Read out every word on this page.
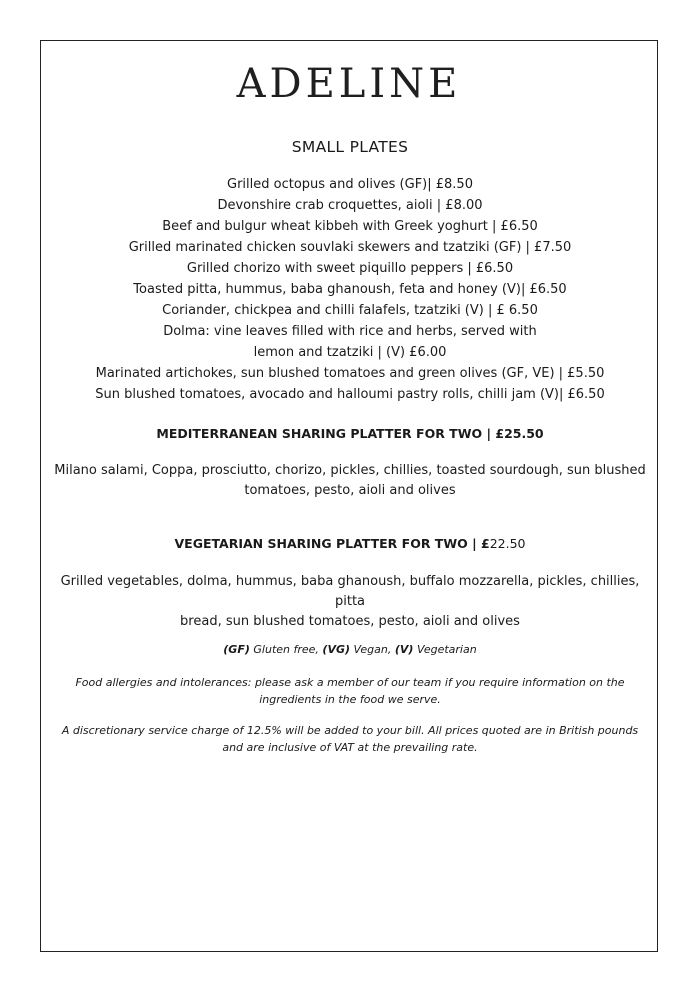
ADELINE
SMALL PLATES
Grilled octopus and olives (GF)| £8.50
Devonshire crab croquettes, aioli | £8.00
Beef and bulgur wheat kibbeh with Greek yoghurt | £6.50
Grilled marinated chicken souvlaki skewers and tzatziki (GF) | £7.50
Grilled chorizo with sweet piquillo peppers | £6.50
Toasted pitta, hummus, baba ghanoush, feta and honey (V)| £6.50
Coriander, chickpea and chilli falafels, tzatziki (V) | £ 6.50
Dolma: vine leaves filled with rice and herbs, served with
lemon and tzatziki | (V) £6.00
Marinated artichokes, sun blushed tomatoes and green olives (GF, VE) | £5.50
Sun blushed tomatoes, avocado and halloumi pastry rolls, chilli jam (V)| £6.50
MEDITERRANEAN SHARING PLATTER FOR TWO | £25.50
Milano salami, Coppa, prosciutto, chorizo, pickles, chillies, toasted sourdough, sun blushed
tomatoes, pesto, aioli and olives
VEGETARIAN SHARING PLATTER FOR TWO | £22.50
Grilled vegetables, dolma, hummus, baba ghanoush, buffalo mozzarella, pickles, chillies, pitta
bread, sun blushed tomatoes, pesto, aioli and olives
(GF) Gluten free, (VG) Vegan, (V) Vegetarian
Food allergies and intolerances: please ask a member of our team if you require information on the
ingredients in the food we serve.
A discretionary service charge of 12.5% will be added to your bill. All prices quoted are in British pounds
and are inclusive of VAT at the prevailing rate.
